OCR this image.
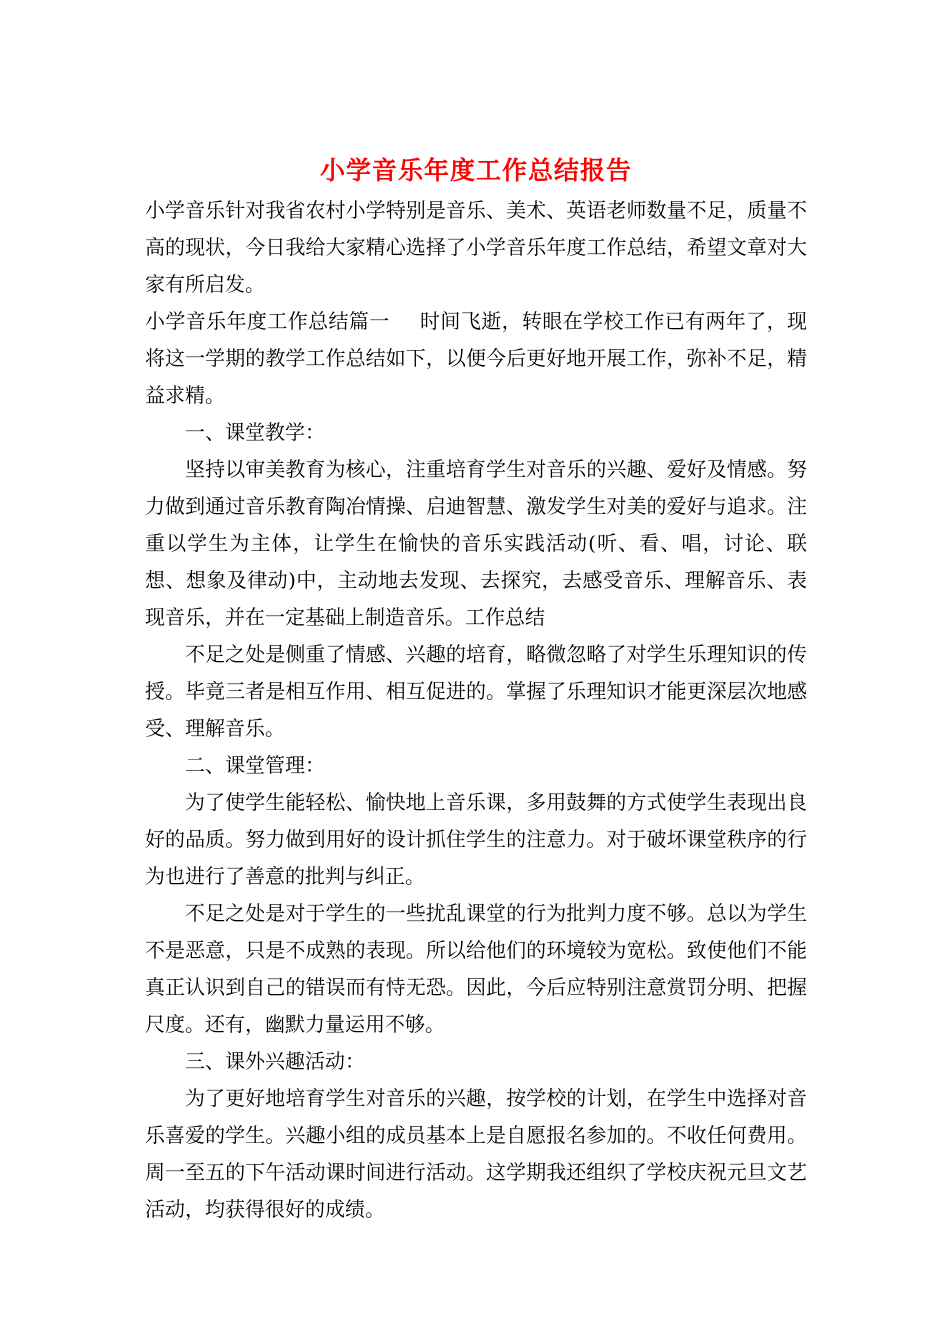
小学音乐年度工作总结报告

小学音乐针对我省农村小学特别是音乐、美术、英语老师数量不足，质量不高的现状，今日我给大家精心选择了小学音乐年度工作总结，希望文章对大家有所启发。

小学音乐年度工作总结篇一 时间飞逝，转眼在学校工作已有两年了，现将这一学期的教学工作总结如下，以便今后更好地开展工作，弥补不足，精益求精。

一、课堂教学：

坚持以审美教育为核心，注重培育学生对音乐的兴趣、爱好及情感。努力做到通过音乐教育陶冶情操、启迪智慧、激发学生对美的爱好与追求。注重以学生为主体，让学生在愉快的音乐实践活动(听、看、唱，讨论、联想、想象及律动)中，主动地去发现、去探究，去感受音乐、理解音乐、表现音乐，并在一定基础上制造音乐。工作总结

不足之处是侧重了情感、兴趣的培育，略微忽略了对学生乐理知识的传授。毕竟三者是相互作用、相互促进的。掌握了乐理知识才能更深层次地感受、理解音乐。

二、课堂管理：

为了使学生能轻松、愉快地上音乐课，多用鼓舞的方式使学生表现出良好的品质。努力做到用好的设计抓住学生的注意力。对于破坏课堂秩序的行为也进行了善意的批判与纠正。

不足之处是对于学生的一些扰乱课堂的行为批判力度不够。总以为学生不是恶意，只是不成熟的表现。所以给他们的环境较为宽松。致使他们不能真正认识到自己的错误而有恃无恐。因此，今后应特别注意赏罚分明、把握尺度。还有，幽默力量运用不够。

三、课外兴趣活动：

为了更好地培育学生对音乐的兴趣，按学校的计划，在学生中选择对音乐喜爱的学生。兴趣小组的成员基本上是自愿报名参加的。不收任何费用。周一至五的下午活动课时间进行活动。这学期我还组织了学校庆祝元旦文艺活动，均获得很好的成绩。
